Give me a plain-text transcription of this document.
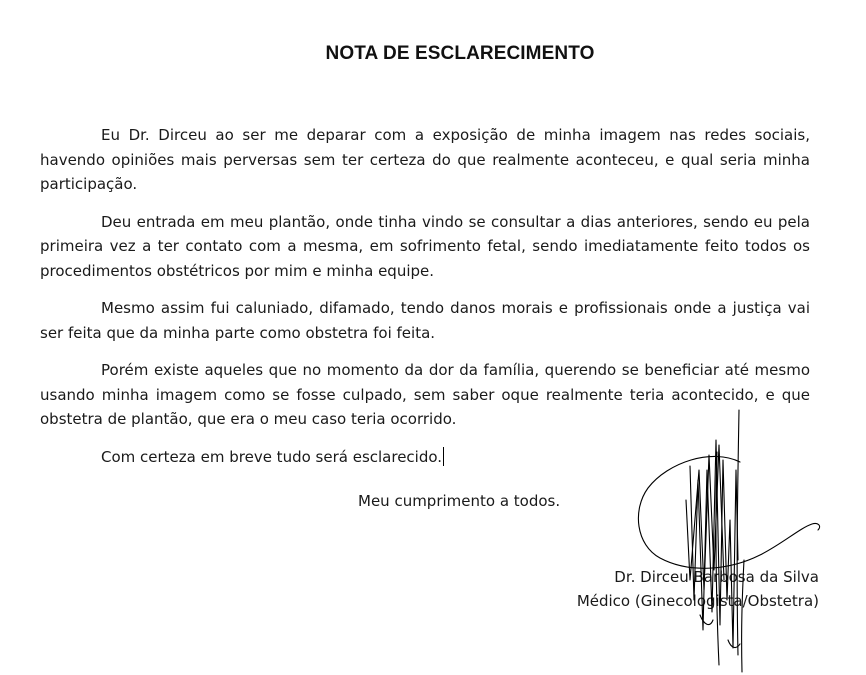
NOTA DE ESCLARECIMENTO

Eu Dr. Dirceu ao ser me deparar com a exposição de minha imagem nas redes sociais, havendo opiniões mais perversas sem ter certeza do que realmente aconteceu, e qual seria minha participação.

Deu entrada em meu plantão, onde tinha vindo se consultar a dias anteriores, sendo eu pela primeira vez a ter contato com a mesma, em sofrimento fetal, sendo imediatamente feito todos os procedimentos obstétricos por mim e minha equipe.

Mesmo assim fui caluniado, difamado, tendo danos morais e profissionais onde a justiça vai ser feita que da minha parte como obstetra foi feita.

Porém existe aqueles que no momento da dor da família, querendo se beneficiar até mesmo usando minha imagem como se fosse culpado, sem saber oque realmente teria acontecido, e que obstetra de plantão, que era o meu caso teria ocorrido.

Com certeza em breve tudo será esclarecido.

Meu cumprimento a todos.
Dr. Dirceu Barbosa da Silva
Médico (Ginecologista/Obstetra)
